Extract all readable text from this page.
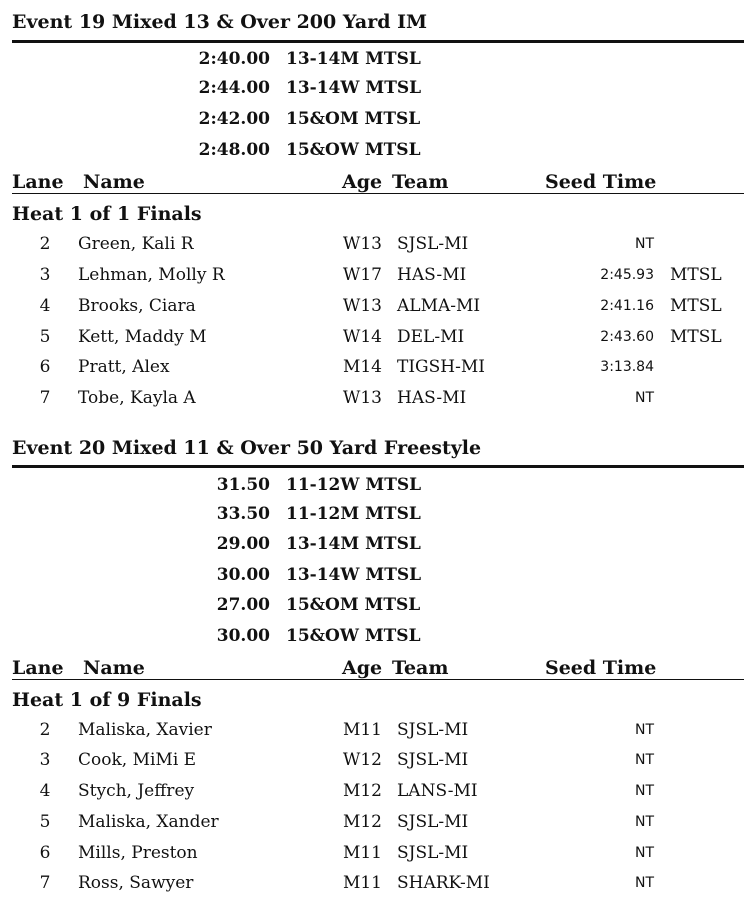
Event 19 Mixed 13 & Over 200 Yard IM
2:40.00 13-14M MTSL
2:44.00 13-14W MTSL
2:42.00 15&OM MTSL
2:48.00 15&OW MTSL
Lane Name	Age Team	Seed Time
Heat 1 of 1 Finals
2 Green, Kali R	W13 SJSL-MI	NT
3 Lehman, Molly R	W17 HAS-MI	2:45.93 MTSL
4 Brooks, Ciara	W13 ALMA-MI	2:41.16 MTSL
5 Kett, Maddy M	W14 DEL-MI	2:43.60 MTSL
6 Pratt, Alex	M14 TIGSH-MI	3:13.84
7 Tobe, Kayla A	W13 HAS-MI	NT
Event 20 Mixed 11 & Over 50 Yard Freestyle
31.50 11-12W MTSL
33.50 11-12M MTSL
29.00 13-14M MTSL
30.00 13-14W MTSL
27.00 15&OM MTSL
30.00 15&OW MTSL
Lane Name	Age Team	Seed Time
Heat 1 of 9 Finals
2 Maliska, Xavier	M11 SJSL-MI	NT
3 Cook, MiMi E	W12 SJSL-MI	NT
4 Stych, Jeffrey	M12 LANS-MI	NT
5 Maliska, Xander	M12 SJSL-MI	NT
6 Mills, Preston	M11 SJSL-MI	NT
7 Ross, Sawyer	M11 SHARK-MI	NT
